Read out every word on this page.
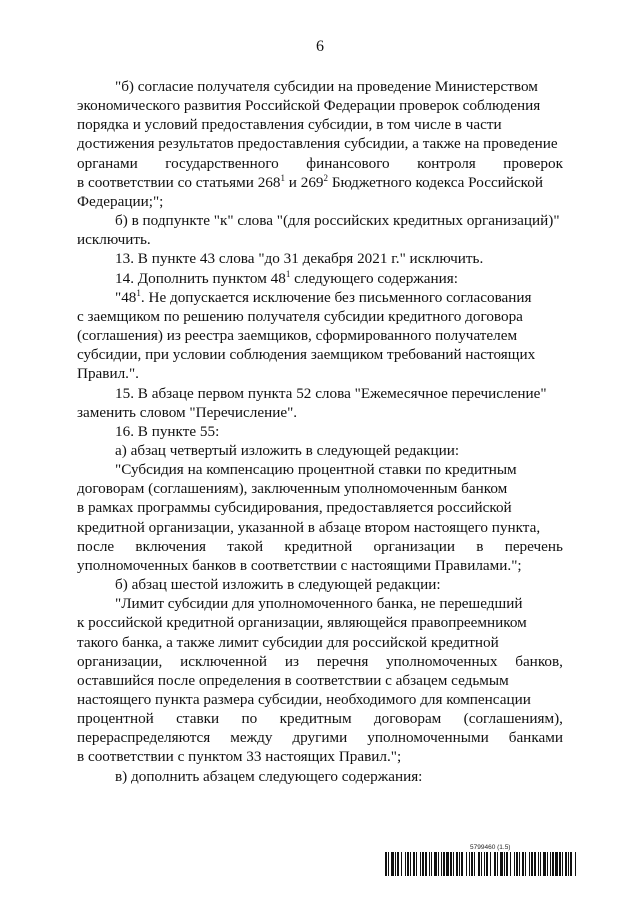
6

"б) согласие получателя субсидии на проведение Министерством
экономического развития Российской Федерации проверок соблюдения
порядка и условий предоставления субсидии, в том числе в части
достижения результатов предоставления субсидии, а также на проведение

органами государственного финансового контроля проверок

в соответствии со статьями $268^1$ и $269^2$ Бюджетного кодекса Российской
Федерации;";

б) в подпункте "к" слова "(для российских кредитных организаций)"
исключить.

13. В пункте 43 слова "до 31 декабря 2021 г." исключить.

14. Дополнить пунктом $48^1$ следующего содержания:

"$48^1$. Не допускается исключение без письменного согласования
с заемщиком по решению получателя субсидии кредитного договора
(соглашения) из реестра заемщиков, сформированного получателем
субсидии, при условии соблюдения заемщиком требований настоящих
Правил.".

15. В абзаце первом пункта 52 слова "Ежемесячное перечисление"
заменить словом "Перечисление".

16. В пункте 55:

а) абзац четвертый изложить в следующей редакции:

"Субсидия на компенсацию процентной ставки по кредитным
договорам (соглашениям), заключенным уполномоченным банком
в рамках программы субсидирования, предоставляется российской
кредитной организации, указанной в абзаце втором настоящего пункта,

после включения такой кредитной организации в перечень

уполномоченных банков в соответствии с настоящими Правилами.";

б) абзац шестой изложить в следующей редакции:

"Лимит субсидии для уполномоченного банка, не перешедший
к российской кредитной организации, являющейся правопреемником
такого банка, а также лимит субсидии для российской кредитной

организации, исключенной из перечня уполномоченных банков,

оставшийся после определения в соответствии с абзацем седьмым
настоящего пункта размера субсидии, необходимого для компенсации

процентной ставки по кредитным договорам (соглашениям),
перераспределяются между другими уполномоченными банками

в соответствии с пунктом 33 настоящих Правил.";

в) дополнить абзацем следующего содержания:

5799460 (1.5)
